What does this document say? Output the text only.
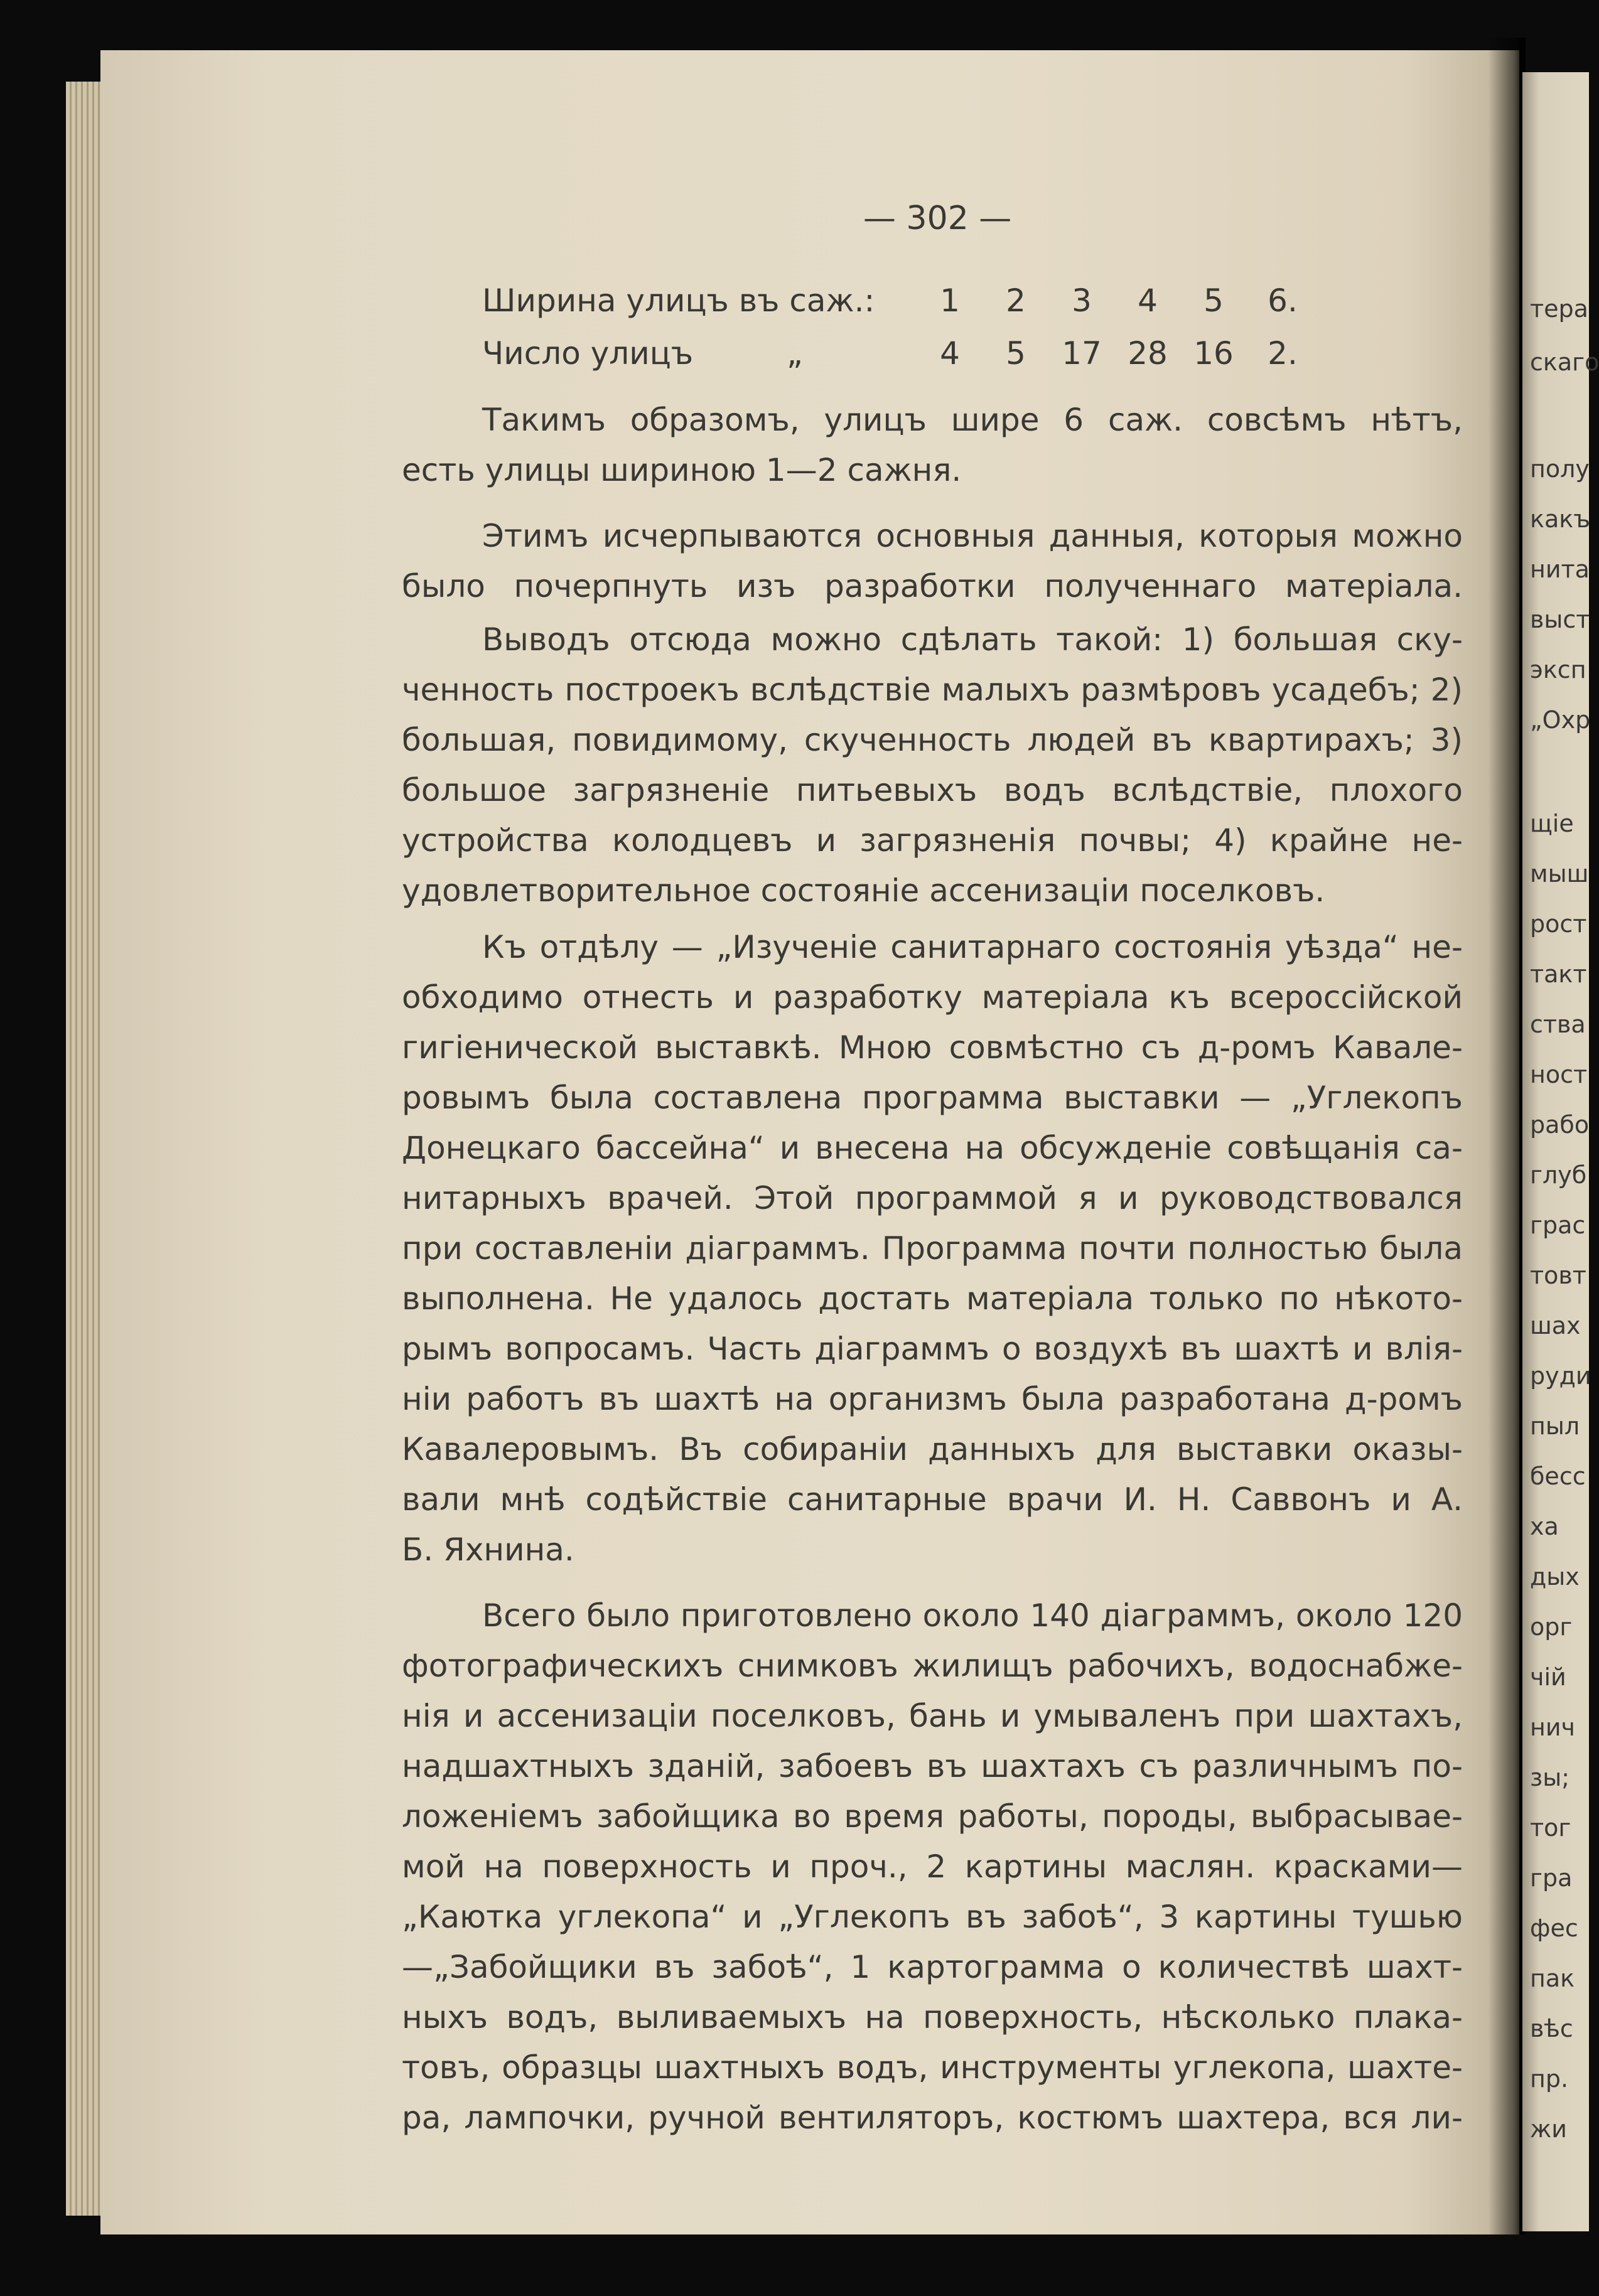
тера
скаго
полу
какъ
нита
выст
эксп
„Охр
щіе
мыш
рост
такт
ства
ност
рабо
глуб
грас
товт
шах
руди
пыл
бесс
ха
дых
орг
чій
нич
зы;
тог
гра
фес
пак
вѣс
пр.
жи
— 302 —
Ширина улицъ въ саж.:	1	2	3	4	5	6.
Число улицъ	„	4	5	17 28 16	2.
Такимъ образомъ, улицъ шире 6 саж. совсѣмъ нѣтъ,
есть улицы шириною 1—2 сажня.
Этимъ исчерпываются основныя данныя, которыя можно
было почерпнуть изъ разработки полученнаго матеріала.
Выводъ отсюда можно сдѣлать такой: 1) большая ску-
ченность построекъ вслѣдствіе малыхъ размѣровъ усадебъ; 2)
большая, повидимому, скученность людей въ квартирахъ; 3)
большое загрязненіе питьевыхъ водъ вслѣдствіе, плохого
устройства колодцевъ и загрязненія почвы; 4) крайне не-
удовлетворительное состояніе ассенизаціи поселковъ.
Къ отдѣлу — „Изученіе санитарнаго состоянія уѣзда“ не-
обходимо отнесть и разработку матеріала къ всероссійской
гигіенической выставкѣ. Мною совмѣстно съ д-ромъ Кавале-
ровымъ была составлена программа выставки — „Углекопъ
Донецкаго бассейна“ и внесена на обсужденіе совѣщанія са-
нитарныхъ врачей. Этой программой я и руководствовался
при составленіи діаграммъ. Программа почти полностью была
выполнена. Не удалось достать матеріала только по нѣкото-
рымъ вопросамъ. Часть діаграммъ о воздухѣ въ шахтѣ и влія-
ніи работъ въ шахтѣ на организмъ была разработана д-ромъ
Кавалеровымъ. Въ собираніи данныхъ для выставки оказы-
вали мнѣ содѣйствіе санитарные врачи И. Н. Саввонъ и А.
Б. Яхнина.
Всего было приготовлено около 140 діаграммъ, около 120
фотографическихъ снимковъ жилищъ рабочихъ, водоснабже-
нія и ассенизаціи поселковъ, бань и умываленъ при шахтахъ,
надшахтныхъ зданій, забоевъ въ шахтахъ съ различнымъ по-
ложеніемъ забойщика во время работы, породы, выбрасывае-
мой на поверхность и проч., 2 картины маслян. красками—
„Каютка углекопа“ и „Углекопъ въ забоѣ“, 3 картины тушью
—„Забойщики въ забоѣ“, 1 картограмма о количествѣ шахт-
ныхъ водъ, выливаемыхъ на поверхность, нѣсколько плака-
товъ, образцы шахтныхъ водъ, инструменты углекопа, шахте-
ра, лампочки, ручной вентиляторъ, костюмъ шахтера, вся ли-
